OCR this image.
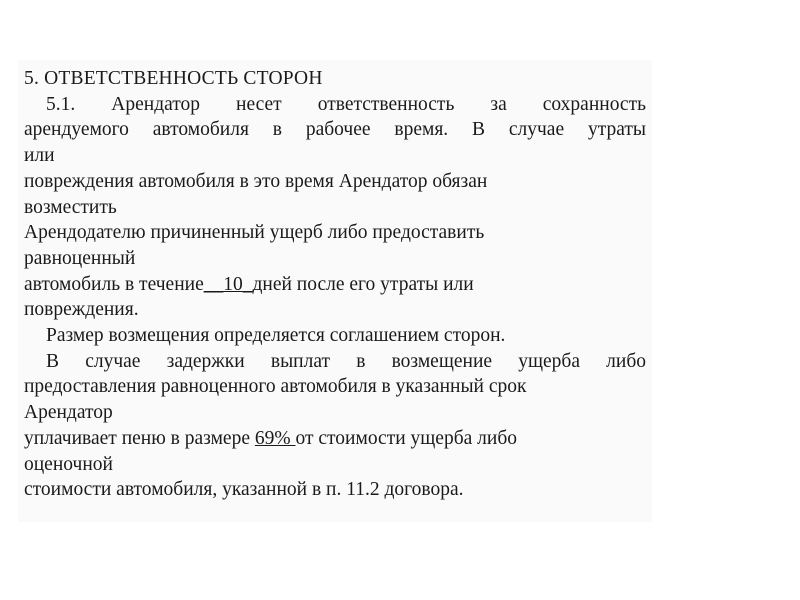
5. ОТВЕТСТВЕННОСТЬ СТОРОН
5.1. Арендатор несет ответственность за сохранность
арендуемого автомобиля в рабочее время. В случае утраты
или
повреждения автомобиля в это время Арендатор обязан
возместить
Арендодателю причиненный ущерб либо предоставить
равноценный
автомобиль в течение__10_дней после его утраты или
повреждения.
Размер возмещения определяется соглашением сторон.
В случае задержки выплат в возмещение ущерба либо
предоставления равноценного автомобиля в указанный срок
Арендатор
уплачивает пеню в размере 69% от стоимости ущерба либо
оценочной
стоимости автомобиля, указанной в п. 11.2 договора.
